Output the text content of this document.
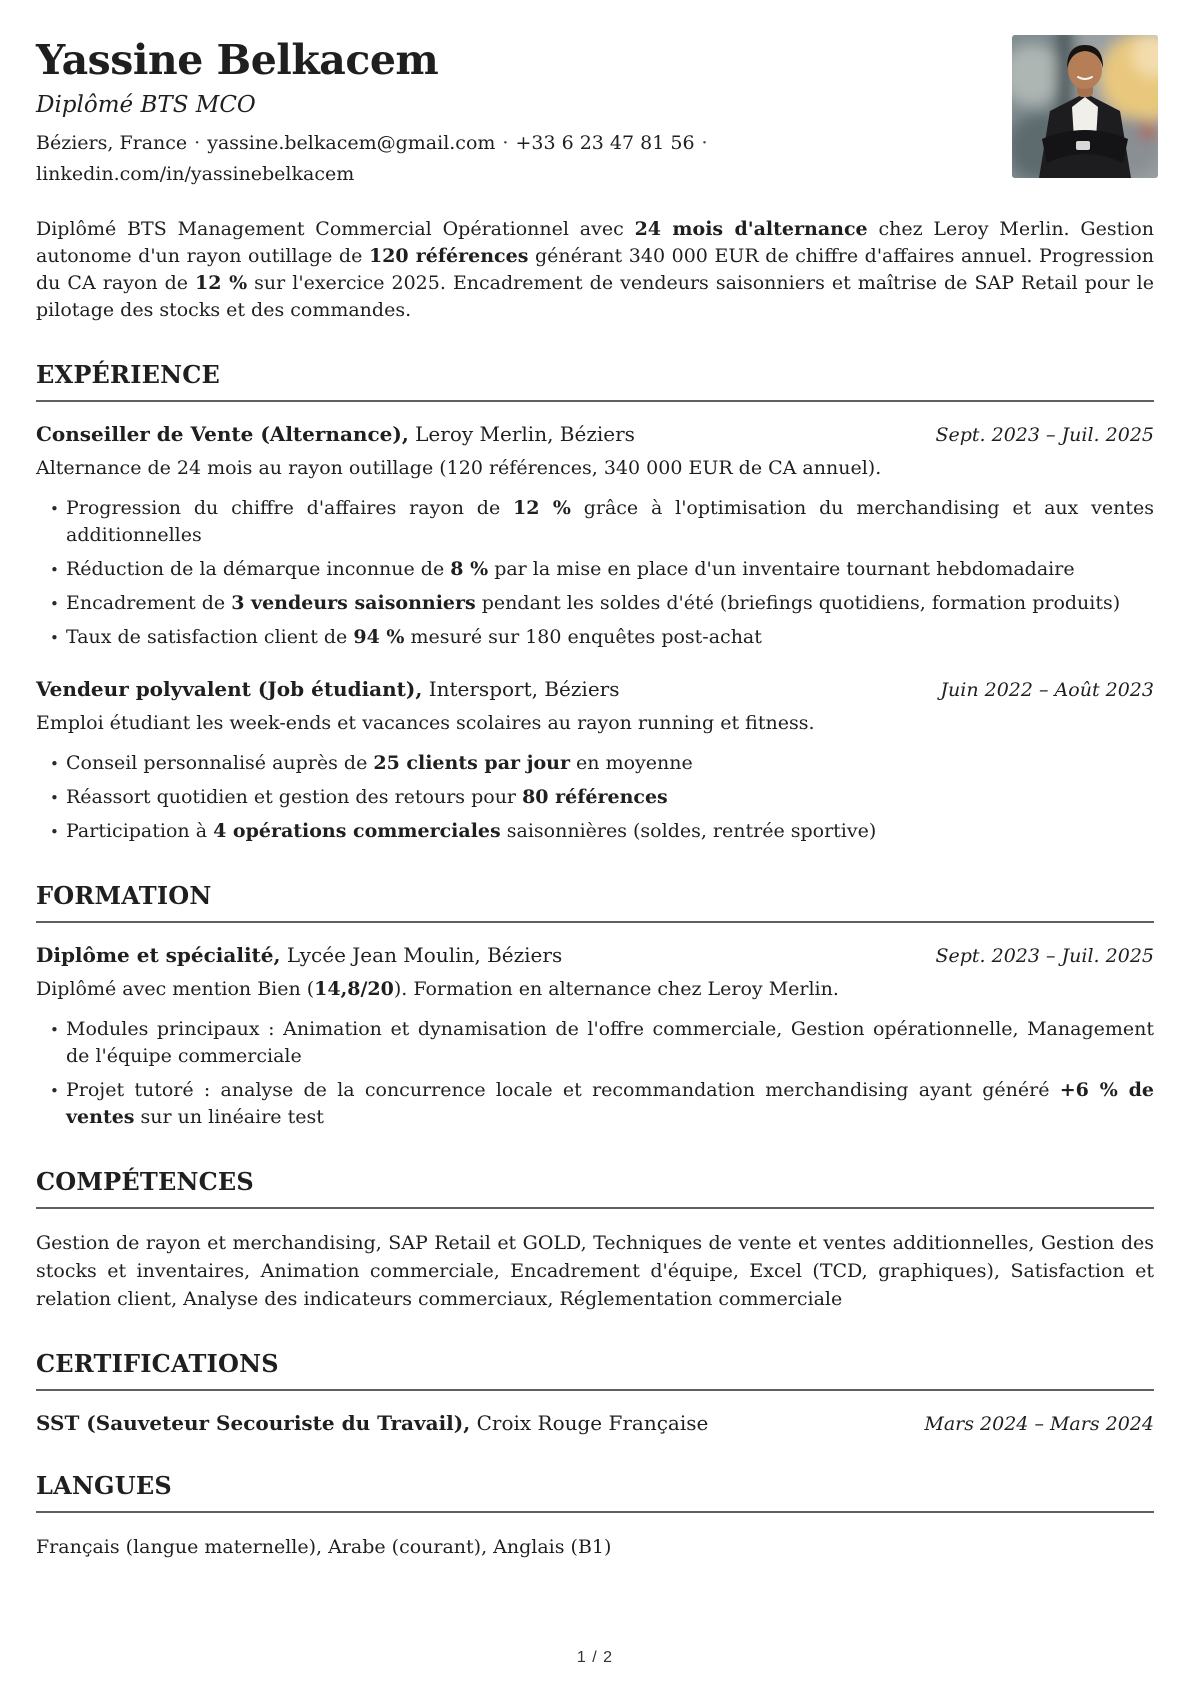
Yassine Belkacem
Diplômé BTS MCO
Béziers, France · yassine.belkacem@gmail.com · +33 6 23 47 81 56 ·
linkedin.com/in/yassinebelkacem

Diplômé BTS Management Commercial Opérationnel avec 24 mois d'alternance chez Leroy Merlin. Gestion autonome d'un rayon outillage de 120 références générant 340 000 EUR de chiffre d'affaires annuel. Progression du CA rayon de 12 % sur l'exercice 2025. Encadrement de vendeurs saisonniers et maîtrise de SAP Retail pour le pilotage des stocks et des commandes.

EXPÉRIENCE
Conseiller de Vente (Alternance), Leroy Merlin, Béziers	Sept. 2023 – Juil. 2025
Alternance de 24 mois au rayon outillage (120 références, 340 000 EUR de CA annuel).
• Progression du chiffre d'affaires rayon de 12 % grâce à l'optimisation du merchandising et aux ventes additionnelles
• Réduction de la démarque inconnue de 8 % par la mise en place d'un inventaire tournant hebdomadaire
• Encadrement de 3 vendeurs saisonniers pendant les soldes d'été (briefings quotidiens, formation produits)
• Taux de satisfaction client de 94 % mesuré sur 180 enquêtes post-achat
Vendeur polyvalent (Job étudiant), Intersport, Béziers	Juin 2022 – Août 2023
Emploi étudiant les week-ends et vacances scolaires au rayon running et fitness.
• Conseil personnalisé auprès de 25 clients par jour en moyenne
• Réassort quotidien et gestion des retours pour 80 références
• Participation à 4 opérations commerciales saisonnières (soldes, rentrée sportive)
FORMATION
Diplôme et spécialité, Lycée Jean Moulin, Béziers	Sept. 2023 – Juil. 2025
Diplômé avec mention Bien (14,8/20). Formation en alternance chez Leroy Merlin.
• Modules principaux : Animation et dynamisation de l'offre commerciale, Gestion opérationnelle, Management de l'équipe commerciale
• Projet tutoré : analyse de la concurrence locale et recommandation merchandising ayant généré +6 % de ventes sur un linéaire test
COMPÉTENCES

Gestion de rayon et merchandising, SAP Retail et GOLD, Techniques de vente et ventes additionnelles, Gestion des stocks et inventaires, Animation commerciale, Encadrement d'équipe, Excel (TCD, graphiques), Satisfaction et relation client, Analyse des indicateurs commerciaux, Réglementation commerciale

CERTIFICATIONS
SST (Sauveteur Secouriste du Travail), Croix Rouge Française	Mars 2024 – Mars 2024
LANGUES

Français (langue maternelle), Arabe (courant), Anglais (B1)

1 / 2
